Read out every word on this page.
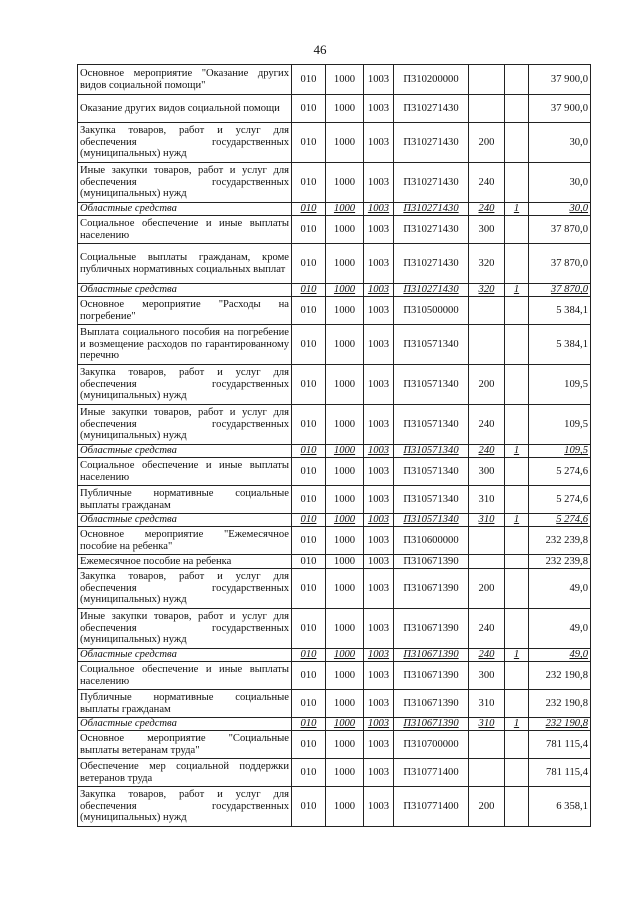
46
Основное мероприятие "Оказание других видов социальной помощи"	010	1000	1003	П310200000			37 900,0
Оказание других видов социальной помощи	010	1000	1003	П310271430			37 900,0
Закупка товаров, работ и услуг для обеспечения государственных (муниципальных) нужд	010	1000	1003	П310271430	200		30,0
Иные закупки товаров, работ и услуг для обеспечения государственных (муниципальных) нужд	010	1000	1003	П310271430	240		30,0
Областные средства	010	1000	1003	П310271430	240	1	30,0
Социальное обеспечение и иные выплаты населению	010	1000	1003	П310271430	300		37 870,0
Социальные выплаты гражданам, кроме публичных нормативных социальных выплат	010	1000	1003	П310271430	320		37 870,0
Областные средства	010	1000	1003	П310271430	320	1	37 870,0
Основное мероприятие "Расходы на погребение"	010	1000	1003	П310500000			5 384,1
Выплата социального пособия на погребение и возмещение расходов по гарантированному перечню	010	1000	1003	П310571340			5 384,1
Закупка товаров, работ и услуг для обеспечения государственных (муниципальных) нужд	010	1000	1003	П310571340	200		109,5
Иные закупки товаров, работ и услуг для обеспечения государственных (муниципальных) нужд	010	1000	1003	П310571340	240		109,5
Областные средства	010	1000	1003	П310571340	240	1	109,5
Социальное обеспечение и иные выплаты населению	010	1000	1003	П310571340	300		5 274,6
Публичные нормативные социальные выплаты гражданам	010	1000	1003	П310571340	310		5 274,6
Областные средства	010	1000	1003	П310571340	310	1	5 274,6
Основное мероприятие "Ежемесячное пособие на ребенка"	010	1000	1003	П310600000			232 239,8
Ежемесячное пособие на ребенка	010	1000	1003	П310671390			232 239,8
Закупка товаров, работ и услуг для обеспечения государственных (муниципальных) нужд	010	1000	1003	П310671390	200		49,0
Иные закупки товаров, работ и услуг для обеспечения государственных (муниципальных) нужд	010	1000	1003	П310671390	240		49,0
Областные средства	010	1000	1003	П310671390	240	1	49,0
Социальное обеспечение и иные выплаты населению	010	1000	1003	П310671390	300		232 190,8
Публичные нормативные социальные выплаты гражданам	010	1000	1003	П310671390	310		232 190,8
Областные средства	010	1000	1003	П310671390	310	1	232 190,8
Основное мероприятие "Социальные выплаты ветеранам труда"	010	1000	1003	П310700000			781 115,4
Обеспечение мер социальной поддержки ветеранов труда	010	1000	1003	П310771400			781 115,4
Закупка товаров, работ и услуг для обеспечения государственных (муниципальных) нужд	010	1000	1003	П310771400	200		6 358,1
